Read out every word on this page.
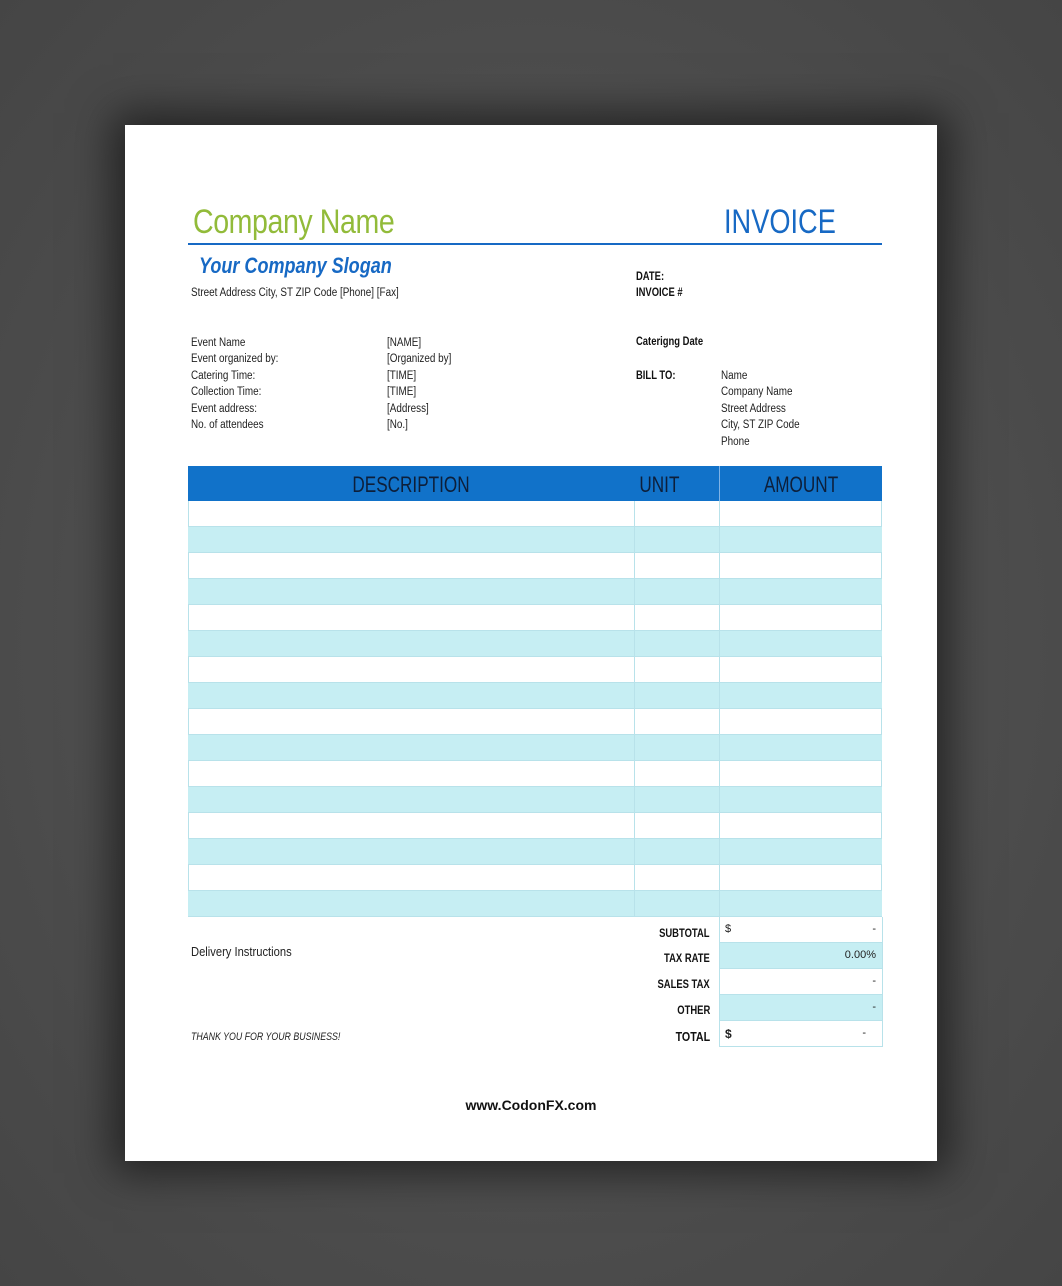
Company Name	INVOICE
Your Company Slogan
Street Address City, ST ZIP Code [Phone] [Fax]
DATE:
INVOICE #
Caterigng Date
BILL TO:	Name
Company Name
Street Address
City, ST ZIP Code
Phone
Event Name	[NAME]
Event organized by:	[Organized by]
Catering Time:	[TIME]
Collection Time:	[TIME]
Event address:	[Address]
No. of attendees	[No.]
DESCRIPTION	UNIT	AMOUNT
SUBTOTAL $	-
TAX RATE	0.00%
SALES TAX	-
OTHER	-
TOTAL $	-
Delivery Instructions
THANK YOU FOR YOUR BUSINESS!
www.CodonFX.com
